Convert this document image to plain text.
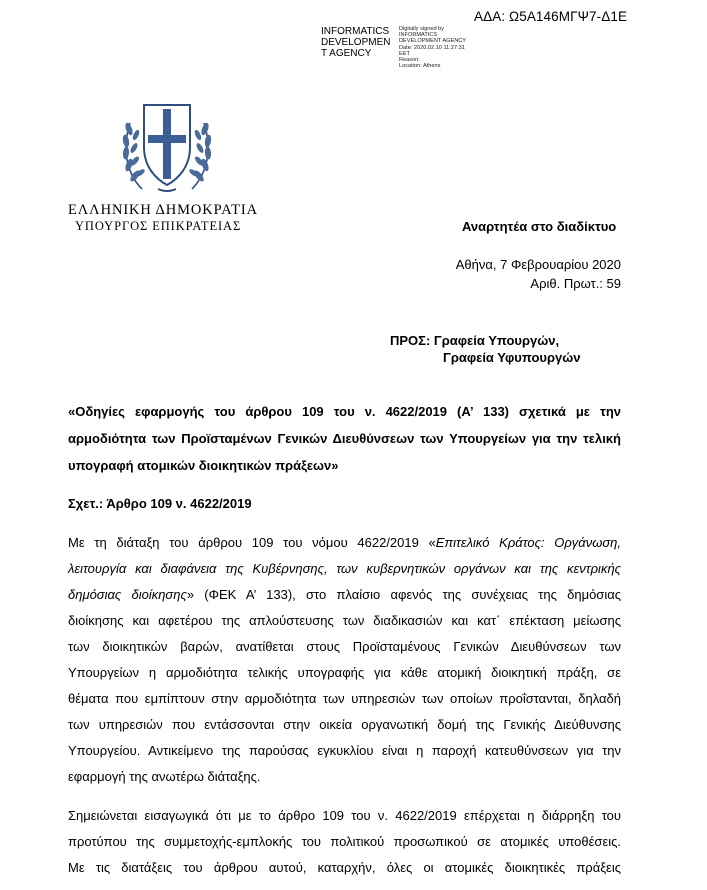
ΑΔΑ: Ω5Α146ΜΓΨ7-Δ1Ε
INFORMATICS
DEVELOPMEN
T AGENCY
Digitally signed by
INFORMATICS
DEVELOPMENT AGENCY
Date: 2020.02.10 11:27:31
EET
Reason:
Location: Athens
ΕΛΛΗΝΙΚΗ ΔΗΜΟΚΡΑΤΙΑ
ΥΠΟΥΡΓΟΣ ΕΠΙΚΡΑΤΕΙΑΣ	Αναρτητέα στο διαδίκτυο
Αθήνα, 7 Φεβρουαρίου 2020
Αριθ. Πρωτ.: 59
ΠΡΟΣ: Γραφεία Υπουργών,
Γραφεία Υφυπουργών
«Οδηγίες εφαρμογής του άρθρου 109 του ν. 4622/2019 (Α’ 133) σχετικά με την
αρμοδιότητα των Προϊσταμένων Γενικών Διευθύνσεων των Υπουργείων για την τελική
υπογραφή ατομικών διοικητικών πράξεων»
Σχετ.: Άρθρο 109 ν. 4622/2019
Με τη διάταξη του άρθρου 109 του νόμου 4622/2019 «Επιτελικό Κράτος: Οργάνωση,
λειτουργία και διαφάνεια της Κυβέρνησης, των κυβερνητικών οργάνων και της κεντρικής
δημόσιας διοίκησης» (ΦΕΚ Α’ 133), στο πλαίσιο αφενός της συνέχειας της δημόσιας
διοίκησης και αφετέρου της απλούστευσης των διαδικασιών και κατ΄ επέκταση μείωσης
των διοικητικών βαρών, ανατίθεται στους Προϊσταμένους Γενικών Διευθύνσεων των
Υπουργείων η αρμοδιότητα τελικής υπογραφής για κάθε ατομική διοικητική πράξη, σε
θέματα που εμπίπτουν στην αρμοδιότητα των υπηρεσιών των οποίων προΐστανται, δηλαδή
των υπηρεσιών που εντάσσονται στην οικεία οργανωτική δομή της Γενικής Διεύθυνσης
Υπουργείου. Αντικείμενο της παρούσας εγκυκλίου είναι η παροχή κατευθύνσεων για την
εφαρμογή της ανωτέρω διάταξης.
Σημειώνεται εισαγωγικά ότι με το άρθρο 109 του ν. 4622/2019 επέρχεται η διάρρηξη του
προτύπου της συμμετοχής-εμπλοκής του πολιτικού προσωπικού σε ατομικές υποθέσεις.
Με τις διατάξεις του άρθρου αυτού, καταρχήν, όλες οι ατομικές διοικητικές πράξεις
